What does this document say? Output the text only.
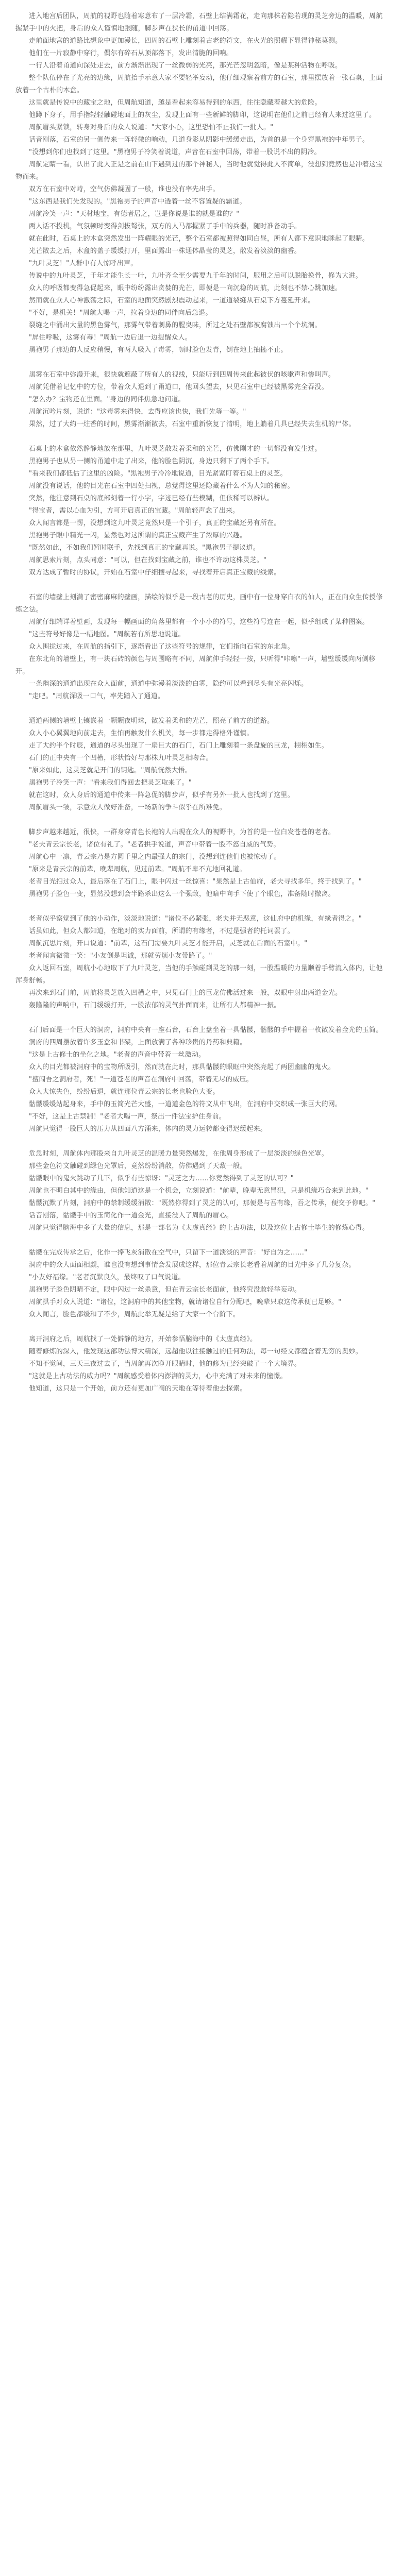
进入地宫后团队，周航的视野也随着寒意布了一层冷霜，石壁上结满霜花，走向那株若隐若现的灵芝旁边的温暖，周航握紧手中的火把，身后的众人谨慎地跟随，脚步声在狭长的甬道中回荡。

走前面地宫的道路比想象中更加漫长，四周的石壁上雕刻着古老的符文，在火光的照耀下显得神秘莫测。

他们在一片寂静中穿行，偶尔有碎石从顶部落下，发出清脆的回响。

一行人沿着甬道向深处走去，前方渐渐出现了一丝微弱的光亮，那光芒忽明忽暗，像是某种活物在呼吸。

整个队伍停在了光亮的边缘，周航抬手示意大家不要轻举妄动，他仔细观察着前方的石室，那里摆放着一张石桌，上面放着一个古朴的木盒。

这里就是传说中的藏宝之地，但周航知道，越是看起来容易得到的东西，往往隐藏着越大的危险。

他蹲下身子，用手指轻轻触碰地面上的灰尘，发现上面有一些新鲜的脚印，这说明在他们之前已经有人来过这里了。

周航眉头紧锁，转身对身后的众人说道："大家小心，这里恐怕不止我们一批人。"

话音刚落，石室的另一侧传来一阵轻微的响动，几道身影从阴影中缓缓走出，为首的是一个身穿黑袍的中年男子。

"没想到你们也找到了这里。"黑袍男子冷笑着说道，声音在石室中回荡，带着一股说不出的阴冷。

周航定睛一看，认出了此人正是之前在山下遇到过的那个神秘人，当时他就觉得此人不简单，没想到竟然也是冲着这宝物而来。

双方在石室中对峙，空气仿佛凝固了一般，谁也没有率先出手。

"这东西是我们先发现的。"黑袍男子的声音中透着一丝不容置疑的霸道。

周航冷笑一声："天材地宝，有德者居之，岂是你说是谁的就是谁的？"

两人话不投机，气氛顿时变得剑拔弩张，双方的人马都握紧了手中的兵器，随时准备动手。

就在此时，石桌上的木盒突然发出一阵耀眼的光芒，整个石室都被照得如同白昼，所有人都下意识地眯起了眼睛。

光芒散去之后，木盒的盖子缓缓打开，里面露出一株通体晶莹的灵芝，散发着淡淡的幽香。

"九叶灵芝！"人群中有人惊呼出声。

传说中的九叶灵芝，千年才能生长一叶，九叶齐全至少需要九千年的时间，服用之后可以脱胎换骨，修为大进。

众人的呼吸都变得急促起来，眼中纷纷露出贪婪的光芒，即便是一向沉稳的周航，此刻也不禁心跳加速。

然而就在众人心神激荡之际，石室的地面突然剧烈震动起来，一道道裂缝从石桌下方蔓延开来。

"不好，是机关！"周航大喝一声，拉着身边的同伴向后急退。

裂缝之中涌出大量的黑色雾气，那雾气带着刺鼻的腥臭味，所过之处石壁都被腐蚀出一个个坑洞。

"屏住呼吸，这雾有毒！"周航一边后退一边提醒众人。

黑袍男子那边的人反应稍慢，有两人吸入了毒雾，顿时脸色发青，倒在地上抽搐不止。

黑雾在石室中弥漫开来，很快就遮蔽了所有人的视线，只能听到四周传来此起彼伏的咳嗽声和惨叫声。

周航凭借着记忆中的方位，带着众人退到了甬道口，他回头望去，只见石室中已经被黑雾完全吞没。

"怎么办？宝物还在里面。"身边的同伴焦急地问道。

周航沉吟片刻，说道："这毒雾来得快，去得应该也快，我们先等一等。"

果然，过了大约一炷香的时间，黑雾渐渐散去，石室中重新恢复了清明，地上躺着几具已经失去生机的尸体。

石桌上的木盒依然静静地放在那里，九叶灵芝散发着柔和的光芒，仿佛刚才的一切都没有发生过。

黑袍男子也从另一侧的甬道中走了出来，他的脸色阴沉，身边只剩下了两个手下。

"看来我们都低估了这里的凶险。"黑袍男子冷冷地说道，目光紧紧盯着石桌上的灵芝。

周航没有说话，他的目光在石室中四处扫视，总觉得这里还隐藏着什么不为人知的秘密。

突然，他注意到石桌的底部刻着一行小字，字迹已经有些模糊，但依稀可以辨认。

"得宝者，需以心血为引，方可开启真正的宝藏。"周航轻声念了出来。

众人闻言都是一愣，没想到这九叶灵芝竟然只是一个引子，真正的宝藏还另有所在。

黑袍男子眼中精光一闪，显然也对这所谓的真正宝藏产生了浓厚的兴趣。

"既然如此，不如我们暂时联手，先找到真正的宝藏再说。"黑袍男子提议道。

周航思索片刻，点头同意："可以，但在找到宝藏之前，谁也不许动这株灵芝。"

双方达成了暂时的协议，开始在石室中仔细搜寻起来，寻找着开启真正宝藏的线索。

石室的墙壁上刻满了密密麻麻的壁画，描绘的似乎是一段古老的历史，画中有一位身穿白衣的仙人，正在向众生传授修炼之法。

周航仔细端详着壁画，发现每一幅画面的角落里都有一个小小的符号，这些符号连在一起，似乎组成了某种图案。

"这些符号好像是一幅地图。"周航若有所思地说道。

众人围拢过来，在周航的指引下，逐渐看出了这些符号的规律，它们指向石室的东北角。

在东北角的墙壁上，有一块石砖的颜色与周围略有不同，周航伸手轻轻一按，只听得"咔嚓"一声，墙壁缓缓向两侧移开。

一条幽深的通道出现在众人面前，通道中弥漫着淡淡的白雾，隐约可以看到尽头有光亮闪烁。

"走吧。"周航深吸一口气，率先踏入了通道。

通道两侧的墙壁上镶嵌着一颗颗夜明珠，散发着柔和的光芒，照亮了前方的道路。

众人小心翼翼地向前走去，生怕再触发什么机关，每一步都走得格外谨慎。

走了大约半个时辰，通道的尽头出现了一扇巨大的石门，石门上雕刻着一条盘旋的巨龙，栩栩如生。

石门的正中央有一个凹槽，形状恰好与那株九叶灵芝相吻合。

"原来如此，这灵芝就是开门的钥匙。"周航恍然大悟。

黑袍男子冷笑一声："看来我们得回去把灵芝取来了。"

就在这时，众人身后的通道中传来一阵急促的脚步声，似乎有另外一批人也找到了这里。

周航眉头一皱，示意众人做好准备，一场新的争斗似乎在所难免。

脚步声越来越近，很快，一群身穿青色长袍的人出现在众人的视野中，为首的是一位白发苍苍的老者。

"老夫青云宗长老，诸位有礼了。"老者拱手说道，声音中带着一股不怒自威的气势。

周航心中一凛，青云宗乃是方圆千里之内最强大的宗门，没想到连他们也被惊动了。

"原来是青云宗的前辈，晚辈周航，见过前辈。"周航不卑不亢地回礼道。

老者目光扫过众人，最后落在了石门上，眼中闪过一丝惊喜："果然是上古仙府，老夫寻找多年，终于找到了。"

黑袍男子脸色一变，显然没想到会半路杀出这么一个强敌，他暗中向手下使了个眼色，准备随时撤离。

老者似乎察觉到了他的小动作，淡淡地说道："诸位不必紧张，老夫并无恶意，这仙府中的机缘，有缘者得之。"

话虽如此，但众人都知道，在绝对的实力面前，所谓的有缘者，不过是强者的托词罢了。

周航沉思片刻，开口说道："前辈，这石门需要九叶灵芝才能开启，灵芝就在后面的石室中。"

老者闻言微微一笑："小友倒是坦诚，那就劳烦小友带路了。"

众人返回石室，周航小心地取下了九叶灵芝，当他的手触碰到灵芝的那一刻，一股温暖的力量顺着手臂流入体内，让他浑身舒畅。

再次来到石门前，周航将灵芝放入凹槽之中，只见石门上的巨龙仿佛活过来一般，双眼中射出两道金光。

轰隆隆的声响中，石门缓缓打开，一股浓郁的灵气扑面而来，让所有人都精神一振。

石门后面是一个巨大的洞府，洞府中央有一座石台，石台上盘坐着一具骷髅，骷髅的手中握着一枚散发着金光的玉简。

洞府的四周摆放着许多玉盒和书架，上面放满了各种珍贵的丹药和典籍。

"这是上古修士的坐化之地。"老者的声音中带着一丝激动。

众人的目光都被洞府中的宝物所吸引，然而就在此时，那具骷髅的眼眶中突然亮起了两团幽幽的鬼火。

"擅闯吾之洞府者，死！"一道苍老的声音在洞府中回荡，带着无尽的威压。

众人大惊失色，纷纷后退，就连那位青云宗的长老也脸色大变。

骷髅缓缓站起身来，手中的玉简光芒大盛，一道道金色的符文从中飞出，在洞府中交织成一张巨大的网。

"不好，这是上古禁制！"老者大喝一声，祭出一件法宝护住身前。

周航只觉得一股巨大的压力从四面八方涌来，体内的灵力运转都变得迟缓起来。

危急时刻，周航体内那股来自九叶灵芝的温暖力量突然爆发，在他周身形成了一层淡淡的绿色光罩。

那些金色符文触碰到绿色光罩后，竟然纷纷消散，仿佛遇到了天敌一般。

骷髅眼中的鬼火跳动了几下，似乎有些惊讶："灵芝之力……你竟然得到了灵芝的认可？"

周航也不明白其中的缘由，但他知道这是一个机会，立刻说道："前辈，晚辈无意冒犯，只是机缘巧合来到此地。"

骷髅沉默了片刻，洞府中的禁制缓缓消散："既然你得到了灵芝的认可，那便是与吾有缘，吾之传承，便交予你吧。"

话音刚落，骷髅手中的玉简化作一道金光，直接没入了周航的眉心。

周航只觉得脑海中多了大量的信息，那是一部名为《太虚真经》的上古功法，以及这位上古修士毕生的修炼心得。

骷髅在完成传承之后，化作一捧飞灰消散在空气中，只留下一道淡淡的声音："好自为之……"

洞府中的众人面面相觑，谁也没有想到事情会发展成这样，那位青云宗长老看着周航的目光中多了几分复杂。

"小友好福缘。"老者沉默良久，最终叹了口气说道。

黑袍男子脸色阴晴不定，眼中闪过一丝杀意，但在青云宗长老面前，他终究没敢轻举妄动。

周航拱手对众人说道："诸位，这洞府中的其他宝物，就请诸位自行分配吧，晚辈只取这传承便已足够。"

众人闻言，脸色都缓和了不少，周航此举无疑是给了大家一个台阶下。

离开洞府之后，周航找了一处僻静的地方，开始参悟脑海中的《太虚真经》。

随着修炼的深入，他发现这部功法博大精深，远超他以往接触过的任何功法，每一句经文都蕴含着无穷的奥妙。

不知不觉间，三天三夜过去了，当周航再次睁开眼睛时，他的修为已经突破了一个大境界。

"这就是上古功法的威力吗？"周航感受着体内澎湃的灵力，心中充满了对未来的憧憬。

他知道，这只是一个开始，前方还有更加广阔的天地在等待着他去探索。
